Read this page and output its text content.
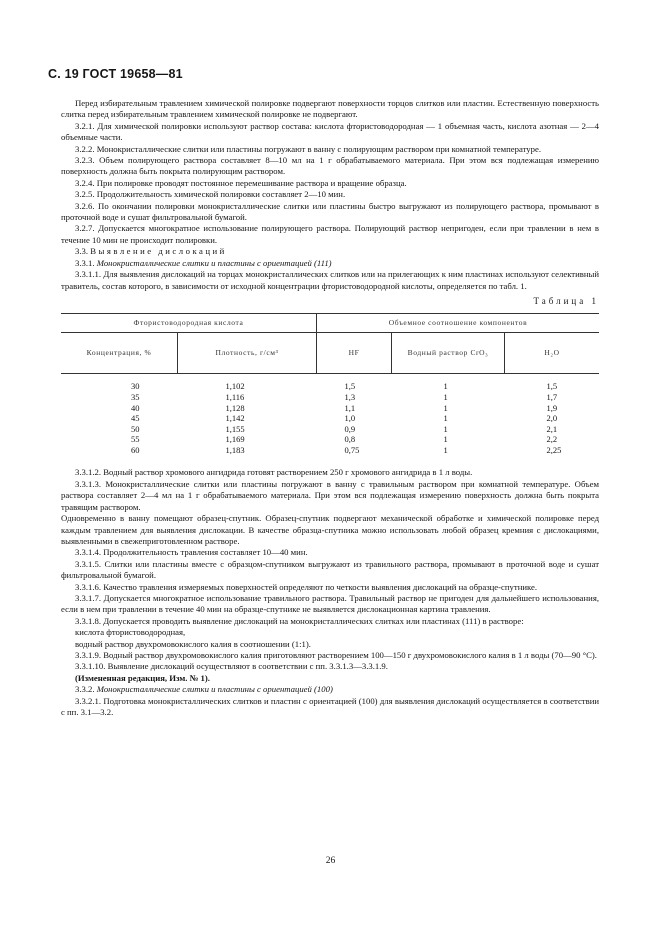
С. 19 ГОСТ 19658—81

Перед избирательным травлением химической полировке подвергают поверхности торцов слитков или пластин. Естественную поверхность слитка перед избирательным травлением химической полировке не подвергают.

3.2.1. Для химической полировки используют раствор состава: кислота фтористоводородная — 1 объемная часть, кислота азотная — 2—4 объемные части.

3.2.2. Монокристаллические слитки или пластины погружают в ванну с полирующим раствором при комнатной температуре.

3.2.3. Объем полирующего раствора составляет 8—10 мл на 1 г обрабатываемого материала. При этом вся подлежащая измерению поверхность должна быть покрыта полирующим раствором.

3.2.4. При полировке проводят постоянное перемешивание раствора и вращение образца.

3.2.5. Продолжительность химической полировки составляет 2—10 мин.

3.2.6. По окончании полировки монокристаллические слитки или пластины быстро выгружают из полирующего раствора, промывают в проточной воде и сушат фильтровальной бумагой.

3.2.7. Допускается многократное использование полирующего раствора. Полирующий раствор непригоден, если при травлении в нем в течение 10 мин не происходит полировки.

3.3. Выявление дислокаций

3.3.1. Монокристаллические слитки и пластины с ориентацией (111)

3.3.1.1. Для выявления дислокаций на торцах монокристаллических слитков или на прилегающих к ним пластинах используют селективный травитель, состав которого, в зависимости от исходной концентрации фтористоводородной кислоты, определяется по табл. 1.

Таблица 1
Фтористоводородная кислота		Объемное соотношение компонентов		
Концентрация, %	Плотность, г/см³	HF	Водный раствор CrO₃	H₂O
30	1,102	1,5	1	1,5
35	1,116	1,3	1	1,7
40	1,128	1,1	1	1,9
45	1,142	1,0	1	2,0
50	1,155	0,9	1	2,1
55	1,169	0,8	1	2,2
60	1,183	0,75	1	2,25

3.3.1.2. Водный раствор хромового ангидрида готовят растворением 250 г хромового ангидрида в 1 л воды.

3.3.1.3. Монокристаллические слитки или пластины погружают в ванну с травильным раствором при комнатной температуре. Объем раствора составляет 2—4 мл на 1 г обрабатываемого материала. При этом вся подлежащая измерению поверхность должна быть покрыта травящим раствором.

Одновременно в ванну помещают образец-спутник. Образец-спутник подвергают механической обработке и химической полировке перед каждым травлением для выявления дислокации. В качестве образца-спутника можно использовать любой образец кремния с дислокациями, выявленными в свежеприготовленном растворе.

3.3.1.4. Продолжительность травления составляет 10—40 мин.

3.3.1.5. Слитки или пластины вместе с образцом-спутником выгружают из травильного раствора, промывают в проточной воде и сушат фильтровальной бумагой.

3.3.1.6. Качество травления измеряемых поверхностей определяют по четкости выявления дислокаций на образце-спутнике.

3.3.1.7. Допускается многократное использование травильного раствора. Травильный раствор не пригоден для дальнейшего использования, если в нем при травлении в течение 40 мин на образце-спутнике не выявляется дислокационная картина травления.

3.3.1.8. Допускается проводить выявление дислокаций на монокристаллических слитках или пластинах (111) в растворе:

кислота фтористоводородная,

водный раствор двухромовокислого калия в соотношении (1:1).

3.3.1.9. Водный раствор двухромовокислого калия приготовляют растворением 100—150 г двухромовокислого калия в 1 л воды (70—90 °С).

3.3.1.10. Выявление дислокаций осуществляют в соответствии с пп. 3.3.1.3—3.3.1.9.

(Измененная редакция, Изм. № 1).

3.3.2. Монокристаллические слитки и пластины с ориентацией (100)

3.3.2.1. Подготовка монокристаллических слитков и пластин с ориентацией (100) для выявления дислокаций осуществляется в соответствии с пп. 3.1—3.2.

26
